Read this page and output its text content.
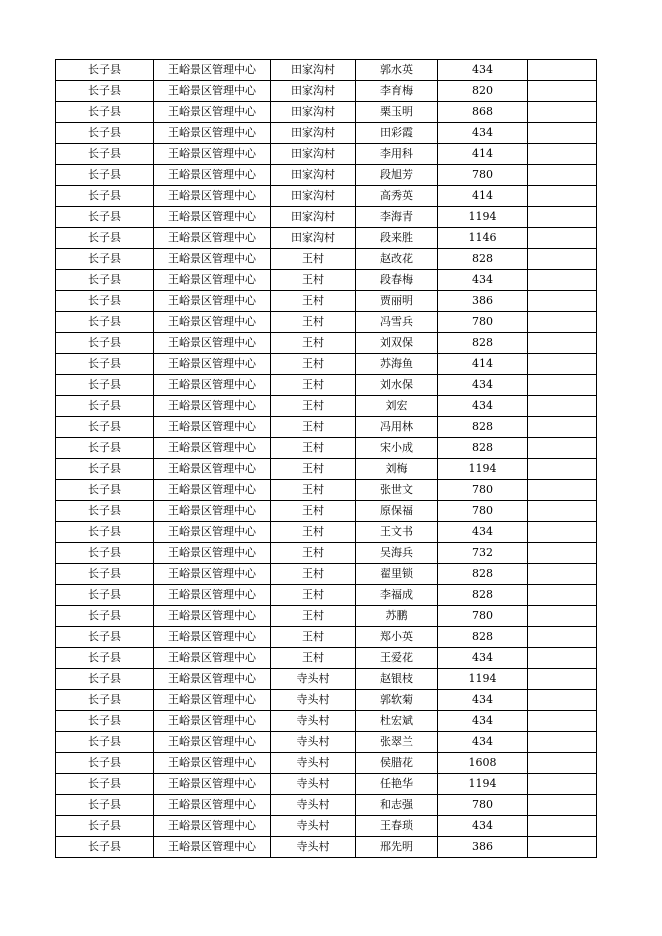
长子县	王峪景区管理中心	田家沟村	郭水英	434	
长子县	王峪景区管理中心	田家沟村	李育梅	820	
长子县	王峪景区管理中心	田家沟村	栗玉明	868	
长子县	王峪景区管理中心	田家沟村	田彩霞	434	
长子县	王峪景区管理中心	田家沟村	李用科	414	
长子县	王峪景区管理中心	田家沟村	段旭芳	780	
长子县	王峪景区管理中心	田家沟村	高秀英	414	
长子县	王峪景区管理中心	田家沟村	李海青	1194	
长子县	王峪景区管理中心	田家沟村	段来胜	1146	
长子县	王峪景区管理中心	王村	赵改花	828	
长子县	王峪景区管理中心	王村	段春梅	434	
长子县	王峪景区管理中心	王村	贾丽明	386	
长子县	王峪景区管理中心	王村	冯雪兵	780	
长子县	王峪景区管理中心	王村	刘双保	828	
长子县	王峪景区管理中心	王村	苏海鱼	414	
长子县	王峪景区管理中心	王村	刘水保	434	
长子县	王峪景区管理中心	王村	刘宏	434	
长子县	王峪景区管理中心	王村	冯用林	828	
长子县	王峪景区管理中心	王村	宋小成	828	
长子县	王峪景区管理中心	王村	刘梅	1194	
长子县	王峪景区管理中心	王村	张世文	780	
长子县	王峪景区管理中心	王村	原保福	780	
长子县	王峪景区管理中心	王村	王文书	434	
长子县	王峪景区管理中心	王村	吴海兵	732	
长子县	王峪景区管理中心	王村	翟里锁	828	
长子县	王峪景区管理中心	王村	李福成	828	
长子县	王峪景区管理中心	王村	苏鹏	780	
长子县	王峪景区管理中心	王村	郑小英	828	
长子县	王峪景区管理中心	王村	王爱花	434	
长子县	王峪景区管理中心	寺头村	赵银枝	1194	
长子县	王峪景区管理中心	寺头村	郭软菊	434	
长子县	王峪景区管理中心	寺头村	杜宏斌	434	
长子县	王峪景区管理中心	寺头村	张翠兰	434	
长子县	王峪景区管理中心	寺头村	侯腊花	1608	
长子县	王峪景区管理中心	寺头村	任艳华	1194	
长子县	王峪景区管理中心	寺头村	和志强	780	
长子县	王峪景区管理中心	寺头村	王春琐	434	
长子县	王峪景区管理中心	寺头村	邢先明	386	
